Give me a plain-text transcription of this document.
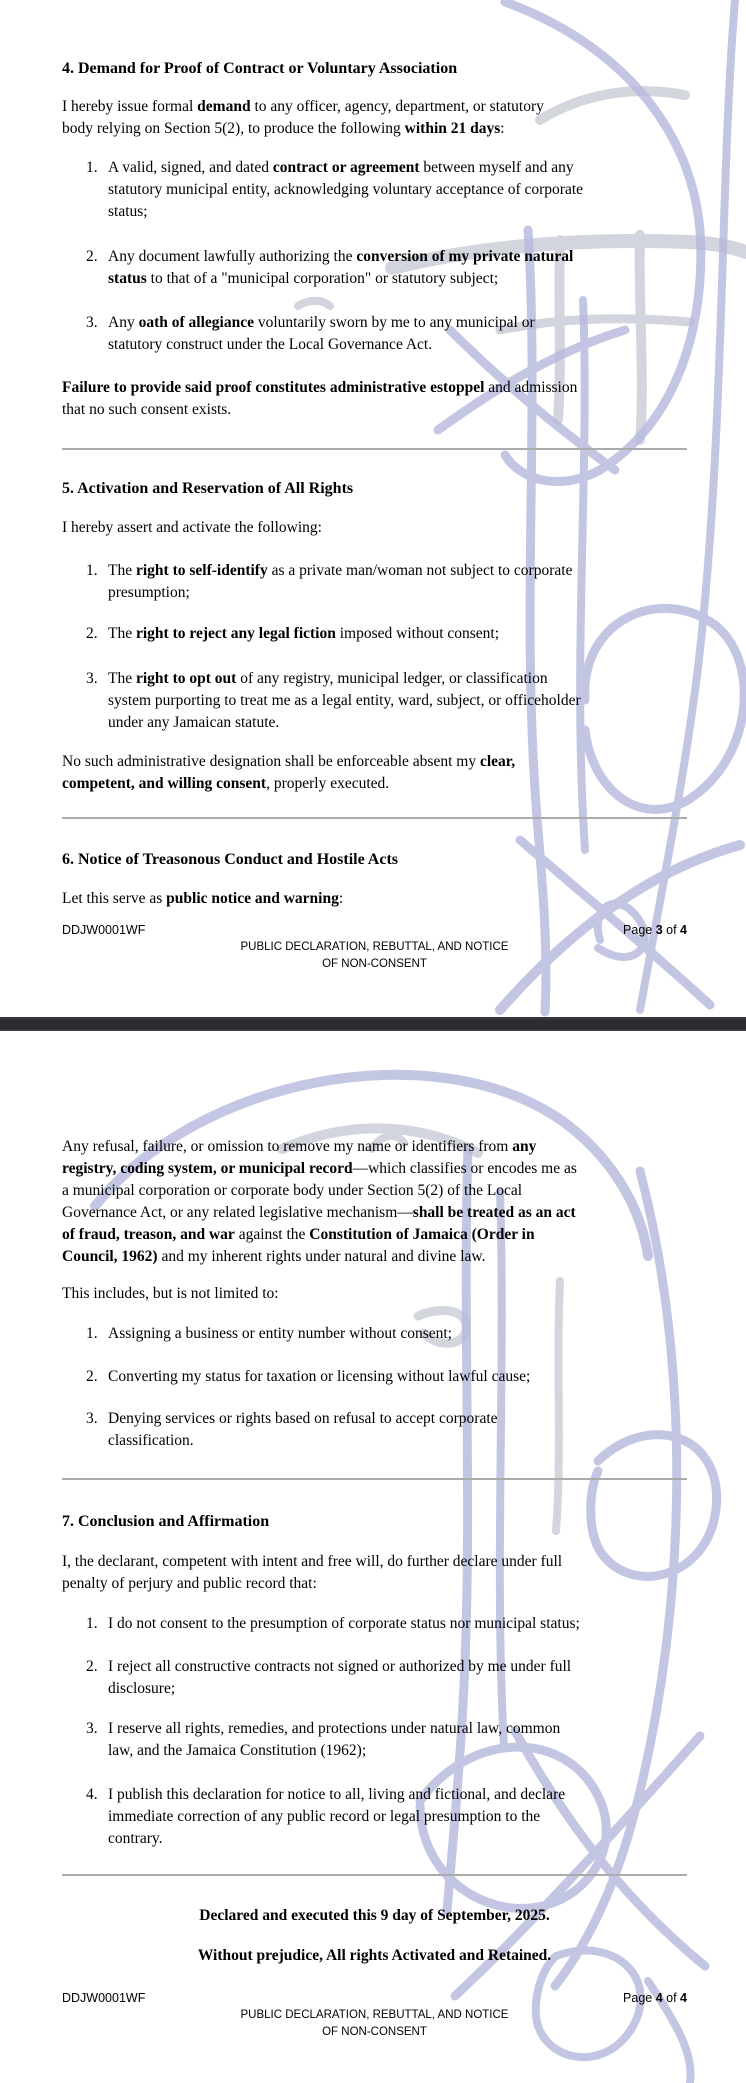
4. Demand for Proof of Contract or Voluntary Association
I hereby issue formal demand to any officer, agency, department, or statutory
body relying on Section 5(2), to produce the following within 21 days:
1. A valid, signed, and dated contract or agreement between myself and any
statutory municipal entity, acknowledging voluntary acceptance of corporate
status;
2. Any document lawfully authorizing the conversion of my private natural
status to that of a "municipal corporation" or statutory subject;
3. Any oath of allegiance voluntarily sworn by me to any municipal or
statutory construct under the Local Governance Act.
Failure to provide said proof constitutes administrative estoppel and admission
that no such consent exists.
5. Activation and Reservation of All Rights
I hereby assert and activate the following:
1. The right to self-identify as a private man/woman not subject to corporate
presumption;
2. The right to reject any legal fiction imposed without consent;
3. The right to opt out of any registry, municipal ledger, or classification
system purporting to treat me as a legal entity, ward, subject, or officeholder
under any Jamaican statute.
No such administrative designation shall be enforceable absent my clear,
competent, and willing consent, properly executed.
6. Notice of Treasonous Conduct and Hostile Acts
Let this serve as public notice and warning:
DDJW0001WF	Page 3 of 4
PUBLIC DECLARATION, REBUTTAL, AND NOTICE
OF NON-CONSENT
Any refusal, failure, or omission to remove my name or identifiers from any
registry, coding system, or municipal record—which classifies or encodes me as
a municipal corporation or corporate body under Section 5(2) of the Local
Governance Act, or any related legislative mechanism—shall be treated as an act
of fraud, treason, and war against the Constitution of Jamaica (Order in
Council, 1962) and my inherent rights under natural and divine law.
This includes, but is not limited to:
1. Assigning a business or entity number without consent;
2. Converting my status for taxation or licensing without lawful cause;
3. Denying services or rights based on refusal to accept corporate
classification.
7. Conclusion and Affirmation
I, the declarant, competent with intent and free will, do further declare under full
penalty of perjury and public record that:
1. I do not consent to the presumption of corporate status nor municipal status;
2. I reject all constructive contracts not signed or authorized by me under full
disclosure;
3. I reserve all rights, remedies, and protections under natural law, common
law, and the Jamaica Constitution (1962);
4. I publish this declaration for notice to all, living and fictional, and declare
immediate correction of any public record or legal presumption to the
contrary.
Declared and executed this 9 day of September, 2025.
Without prejudice, All rights Activated and Retained.
DDJW0001WF	Page 4 of 4
PUBLIC DECLARATION, REBUTTAL, AND NOTICE
OF NON-CONSENT
